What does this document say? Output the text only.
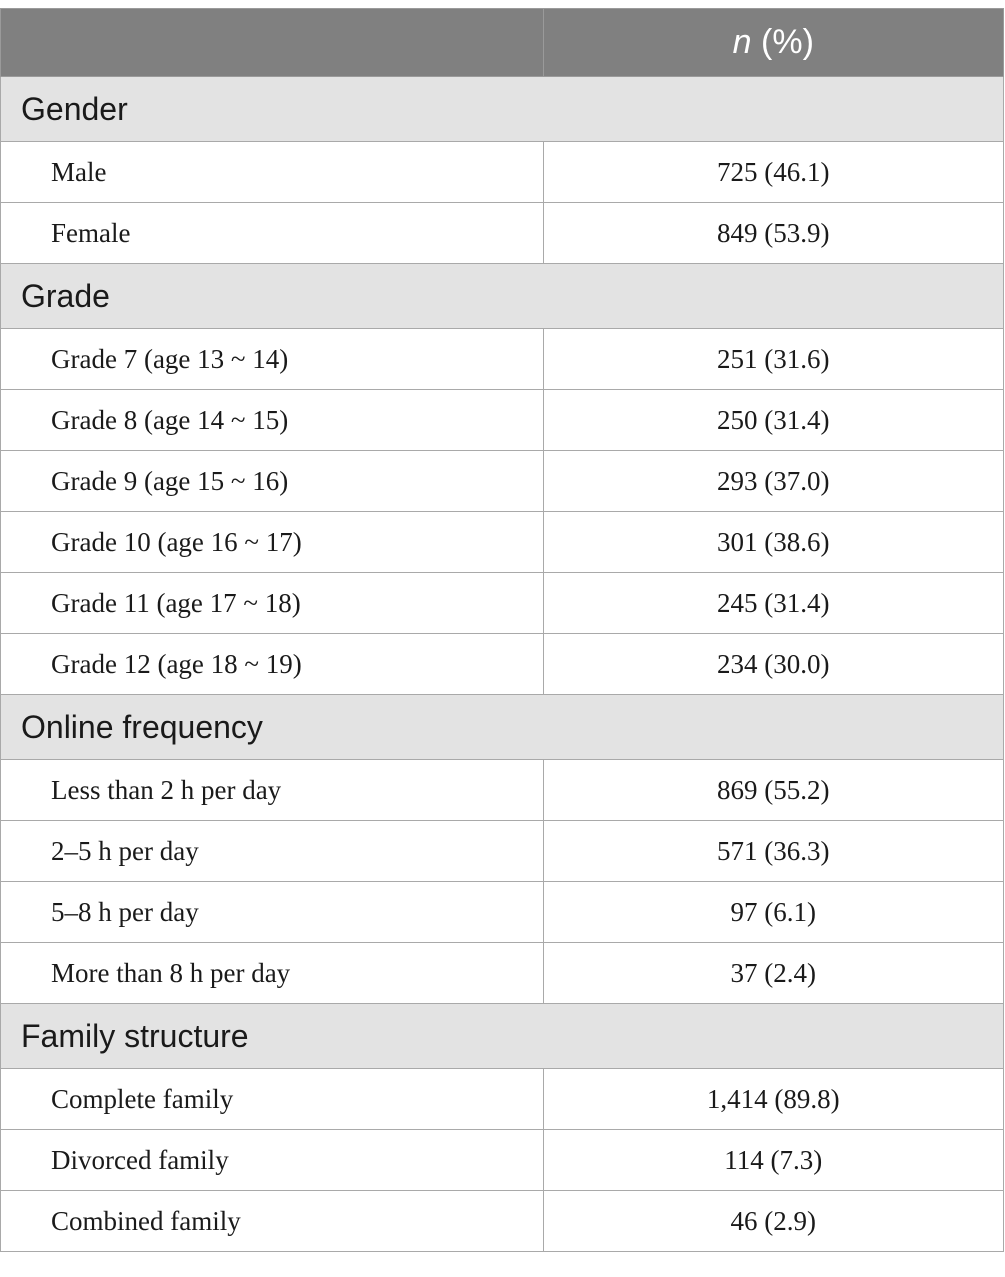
	n (%)
Gender	
Male	725 (46.1)
Female	849 (53.9)
Grade	
Grade 7 (age 13 ~ 14)	251 (31.6)
Grade 8 (age 14 ~ 15)	250 (31.4)
Grade 9 (age 15 ~ 16)	293 (37.0)
Grade 10 (age 16 ~ 17)	301 (38.6)
Grade 11 (age 17 ~ 18)	245 (31.4)
Grade 12 (age 18 ~ 19)	234 (30.0)
Online frequency	
Less than 2 h per day	869 (55.2)
2–5 h per day	571 (36.3)
5–8 h per day	97 (6.1)
More than 8 h per day	37 (2.4)
Family structure	
Complete family	1,414 (89.8)
Divorced family	114 (7.3)
Combined family	46 (2.9)
